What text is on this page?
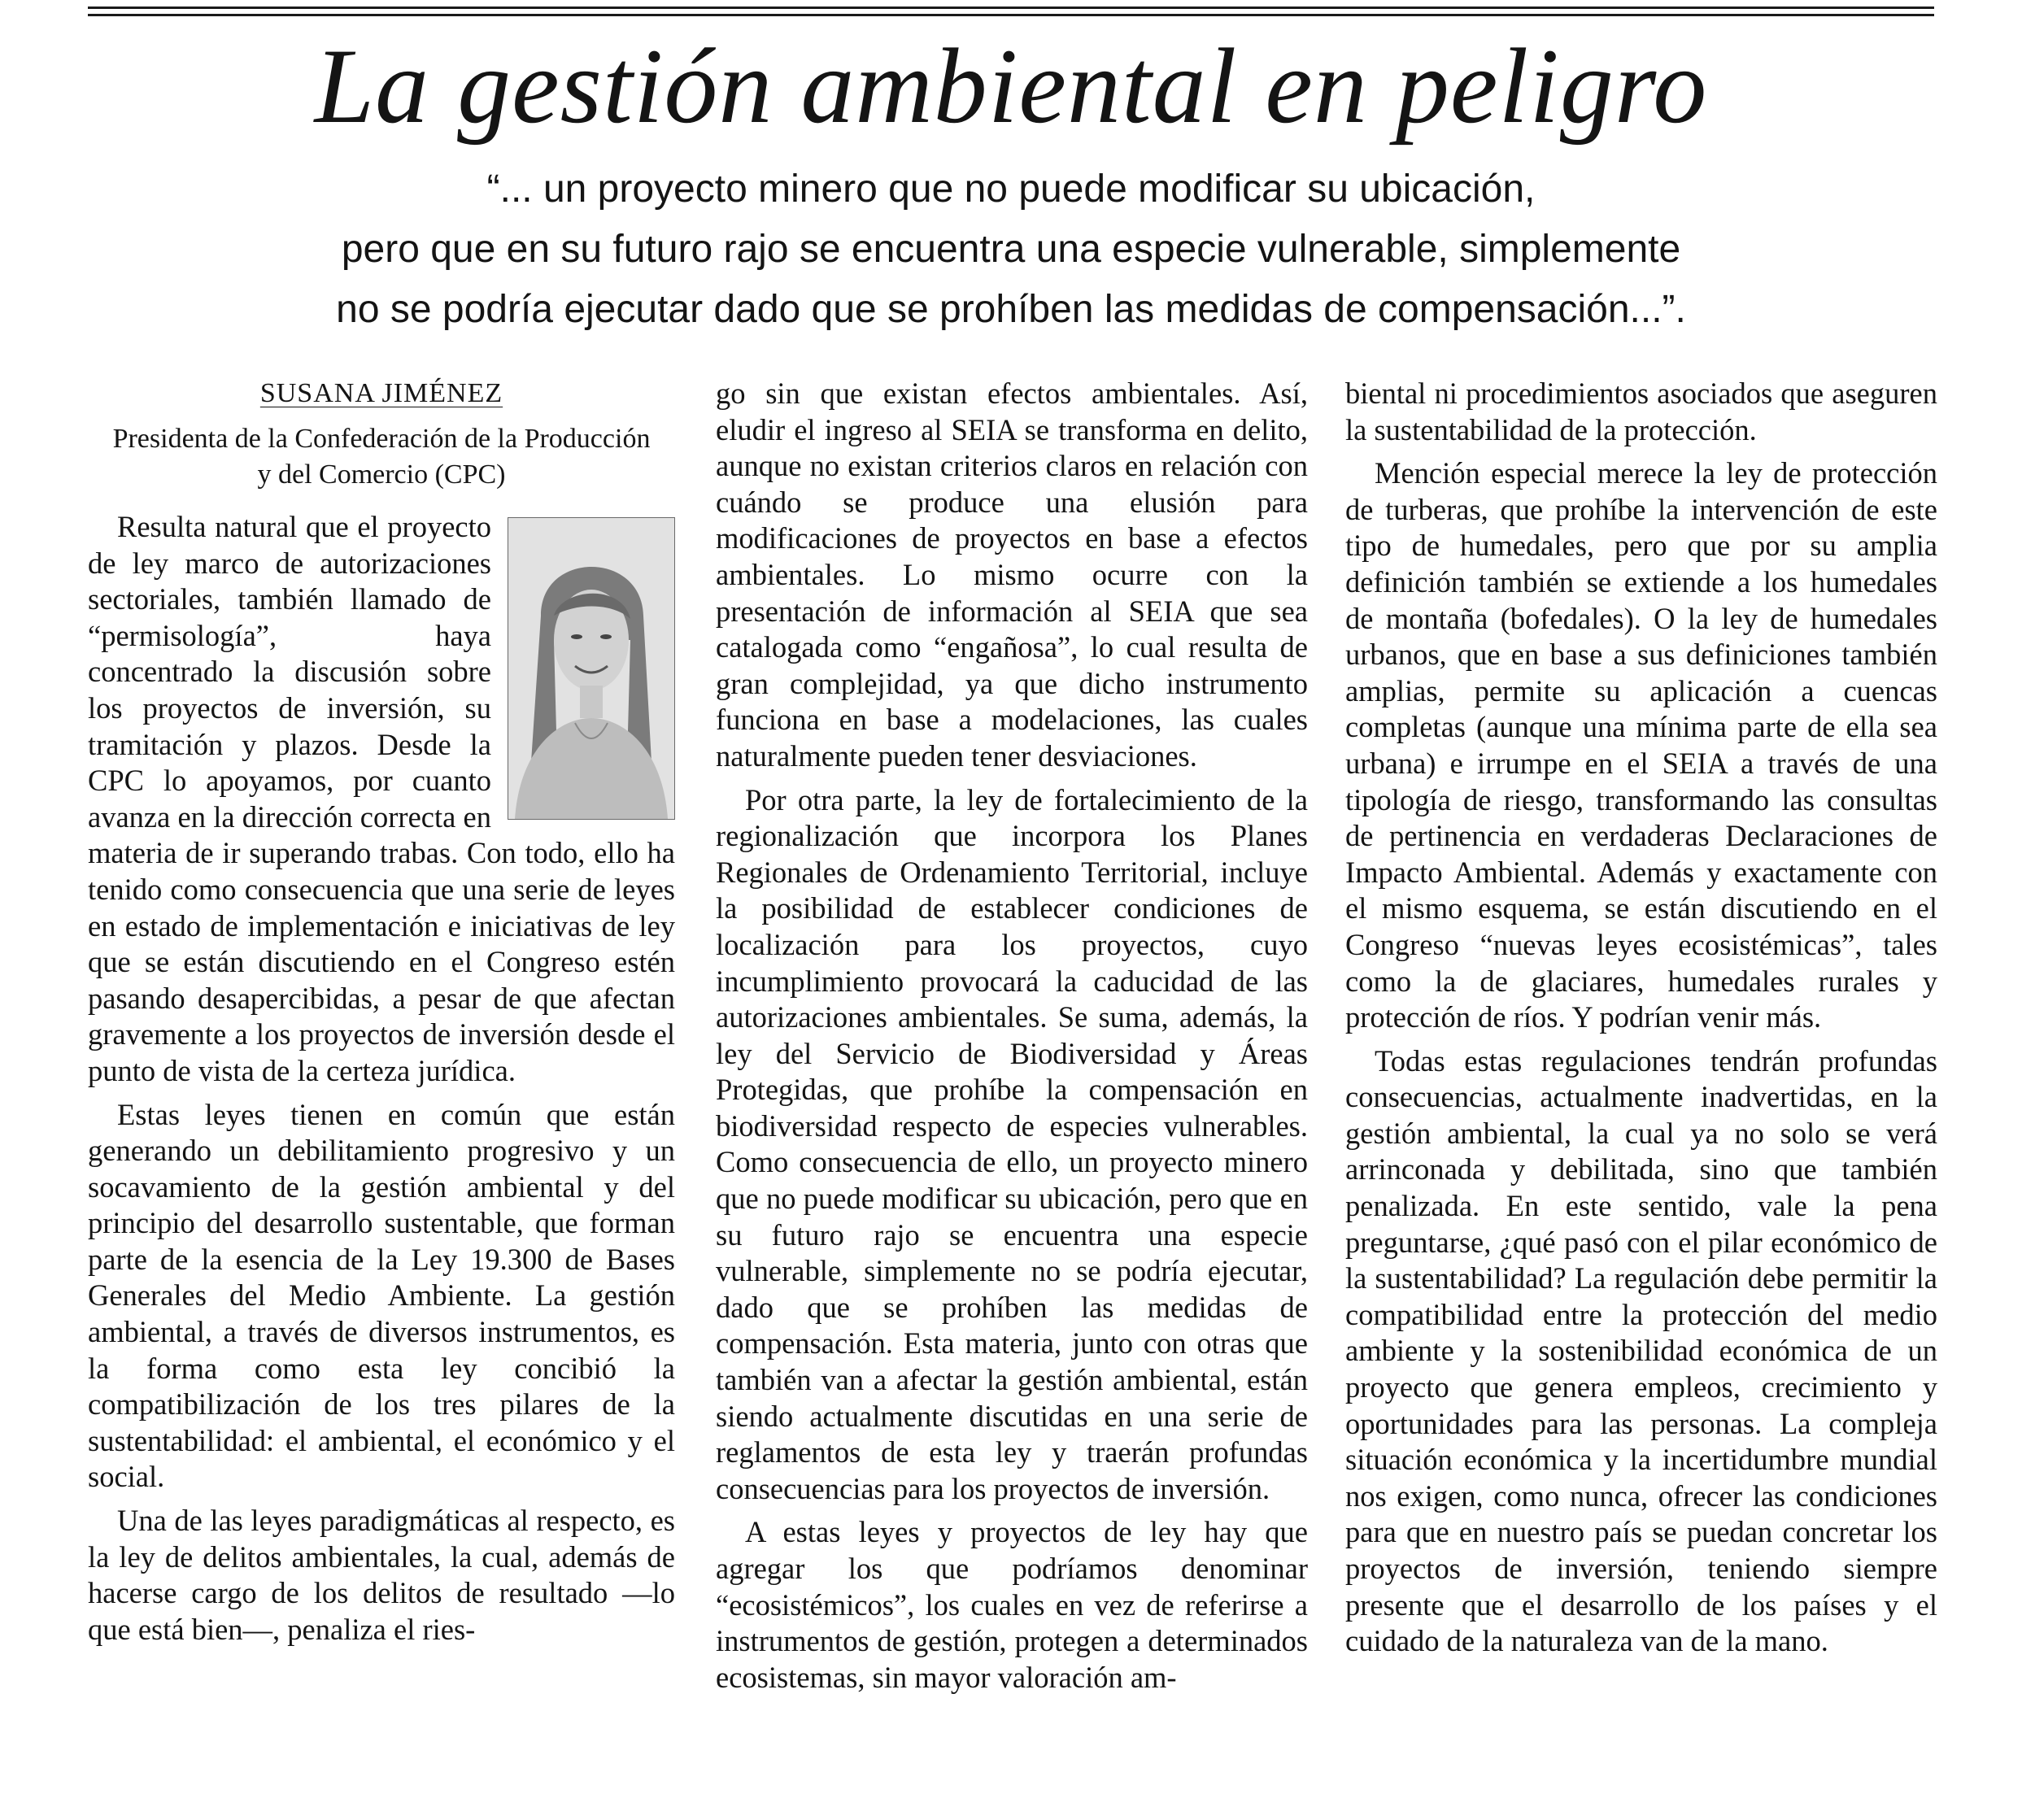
La gestión ambiental en peligro
“... un proyecto minero que no puede modificar su ubicación,
pero que en su futuro rajo se encuentra una especie vulnerable, simplemente
no se podría ejecutar dado que se prohíben las medidas de compensación...”.
SUSANA JIMÉNEZ
Presidenta de la Confederación de la Producción
y del Comercio (CPC)

Resulta natural que el proyecto de ley marco de autorizaciones sectoriales, también llamado de “permisología”, haya concentrado la discusión sobre los proyectos de inversión, su tramitación y plazos. Desde la CPC lo apoyamos, por cuanto avanza en la dirección correcta en materia de ir superando trabas. Con todo, ello ha tenido como consecuencia que una serie de leyes en estado de implementación e iniciativas de ley que se están discutiendo en el Congreso estén pasando desapercibidas, a pesar de que afectan gravemente a los proyectos de inversión desde el punto de vista de la certeza jurídica.

Estas leyes tienen en común que están generando un debilitamiento progresivo y un socavamiento de la gestión ambiental y del principio del desarrollo sustentable, que forman parte de la esencia de la Ley 19.300 de Bases Generales del Medio Ambiente. La gestión ambiental, a través de diversos instrumentos, es la forma como esta ley concibió la compatibilización de los tres pilares de la sustentabilidad: el ambiental, el económico y el social.

Una de las leyes paradigmáticas al respecto, es la ley de delitos ambientales, la cual, además de hacerse cargo de los delitos de resultado —lo que está bien—, penaliza el ries-

go sin que existan efectos ambientales. Así, eludir el ingreso al SEIA se transforma en delito, aunque no existan criterios claros en relación con cuándo se produce una elusión para modificaciones de proyectos en base a efectos ambientales. Lo mismo ocurre con la presentación de información al SEIA que sea catalogada como “engañosa”, lo cual resulta de gran complejidad, ya que dicho instrumento funciona en base a modelaciones, las cuales naturalmente pueden tener desviaciones.

Por otra parte, la ley de fortalecimiento de la regionalización que incorpora los Planes Regionales de Ordenamiento Territorial, incluye la posibilidad de establecer condiciones de localización para los proyectos, cuyo incumplimiento provocará la caducidad de las autorizaciones ambientales. Se suma, además, la ley del Servicio de Biodiversidad y Áreas Protegidas, que prohíbe la compensación en biodiversidad respecto de especies vulnerables. Como consecuencia de ello, un proyecto minero que no puede modificar su ubicación, pero que en su futuro rajo se encuentra una especie vulnerable, simplemente no se podría ejecutar, dado que se prohíben las medidas de compensación. Esta materia, junto con otras que también van a afectar la gestión ambiental, están siendo actualmente discutidas en una serie de reglamentos de esta ley y traerán profundas consecuencias para los proyectos de inversión.

A estas leyes y proyectos de ley hay que agregar los que podríamos denominar “ecosistémicos”, los cuales en vez de referirse a instrumentos de gestión, protegen a determinados ecosistemas, sin mayor valoración am-

biental ni procedimientos asociados que aseguren la sustentabilidad de la protección.

Mención especial merece la ley de protección de turberas, que prohíbe la intervención de este tipo de humedales, pero que por su amplia definición también se extiende a los humedales de montaña (bofedales). O la ley de humedales urbanos, que en base a sus definiciones también amplias, permite su aplicación a cuencas completas (aunque una mínima parte de ella sea urbana) e irrumpe en el SEIA a través de una tipología de riesgo, transformando las consultas de pertinencia en verdaderas Declaraciones de Impacto Ambiental. Además y exactamente con el mismo esquema, se están discutiendo en el Congreso “nuevas leyes ecosistémicas”, tales como la de glaciares, humedales rurales y protección de ríos. Y podrían venir más.

Todas estas regulaciones tendrán profundas consecuencias, actualmente inadvertidas, en la gestión ambiental, la cual ya no solo se verá arrinconada y debilitada, sino que también penalizada. En este sentido, vale la pena preguntarse, ¿qué pasó con el pilar económico de la sustentabilidad? La regulación debe permitir la compatibilidad entre la protección del medio ambiente y la sostenibilidad económica de un proyecto que genera empleos, crecimiento y oportunidades para las personas. La compleja situación económica y la incertidumbre mundial nos exigen, como nunca, ofrecer las condiciones para que en nuestro país se puedan concretar los proyectos de inversión, teniendo siempre presente que el desarrollo de los países y el cuidado de la naturaleza van de la mano.
